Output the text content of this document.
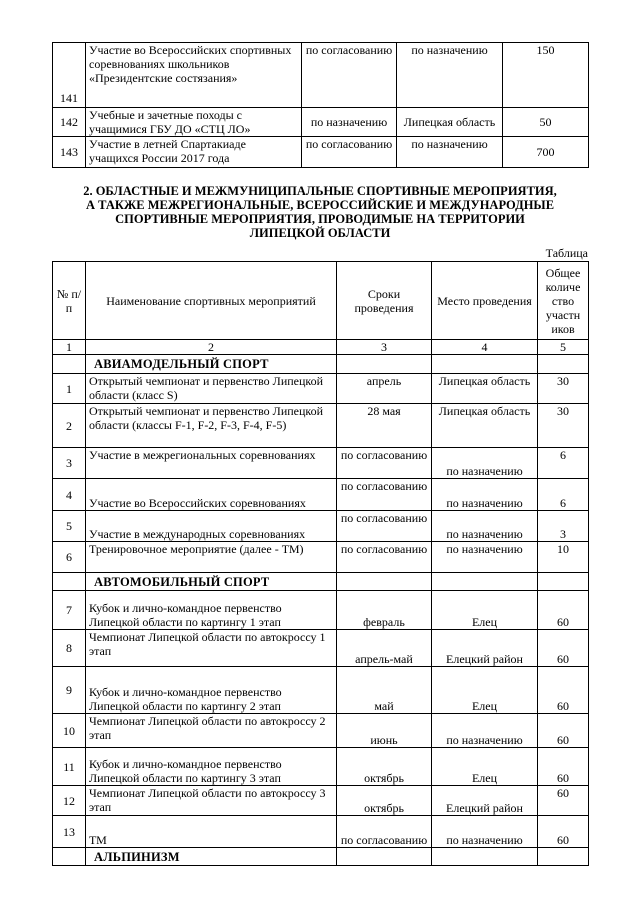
141	Участие во Всероссийских спортивных соревнованиях школьников «Президентские состязания»	по согласованию	по назначению	150
142	Учебные и зачетные походы с учащимися ГБУ ДО «СТЦ ЛО»	по назначению	Липецкая область	50
143	Участие в летней Спартакиаде учащихся России 2017 года	по согласованию	по назначению	700
2. ОБЛАСТНЫЕ И МЕЖМУНИЦИПАЛЬНЫЕ СПОРТИВНЫЕ МЕРОПРИЯТИЯ,
А ТАКЖЕ МЕЖРЕГИОНАЛЬНЫЕ, ВСЕРОССИЙСКИЕ И МЕЖДУНАРОДНЫЕ
СПОРТИВНЫЕ МЕРОПРИЯТИЯ, ПРОВОДИМЫЕ НА ТЕРРИТОРИИ
ЛИПЕЦКОЙ ОБЛАСТИ
Таблица
№ п/п	Наименование спортивных мероприятий	Сроки проведения	Место проведения	Общее количе ство участн иков
1	2	3	4	5
	АВИАМОДЕЛЬНЫЙ СПОРТ			
1	Открытый чемпионат и первенство Липецкой области (класс S)	апрель	Липецкая область	30
2	Открытый чемпионат и первенство Липецкой области (классы F-1, F-2, F-3, F-4, F-5)	28 мая	Липецкая область	30
3	Участие в межрегиональных соревнованиях	по согласованию	по назначению	6
4	Участие во Всероссийских соревнованиях	по согласованию	по назначению	6
5	Участие в международных соревнованиях	по согласованию	по назначению	3
6	Тренировочное мероприятие (далее - ТМ)	по согласованию	по назначению	10
	АВТОМОБИЛЬНЫЙ СПОРТ			
7	Кубок и лично-командное первенство Липецкой области по картингу 1 этап	февраль	Елец	60
8	Чемпионат Липецкой области по автокроссу 1 этап	апрель-май	Елецкий район	60
9	Кубок и лично-командное первенство Липецкой области по картингу 2 этап	май	Елец	60
10	Чемпионат Липецкой области по автокроссу 2 этап	июнь	по назначению	60
11	Кубок и лично-командное первенство Липецкой области по картингу 3 этап	октябрь	Елец	60
12	Чемпионат Липецкой области по автокроссу 3 этап	октябрь	Елецкий район	60
13	ТМ	по согласованию	по назначению	60
	АЛЬПИНИЗМ			
